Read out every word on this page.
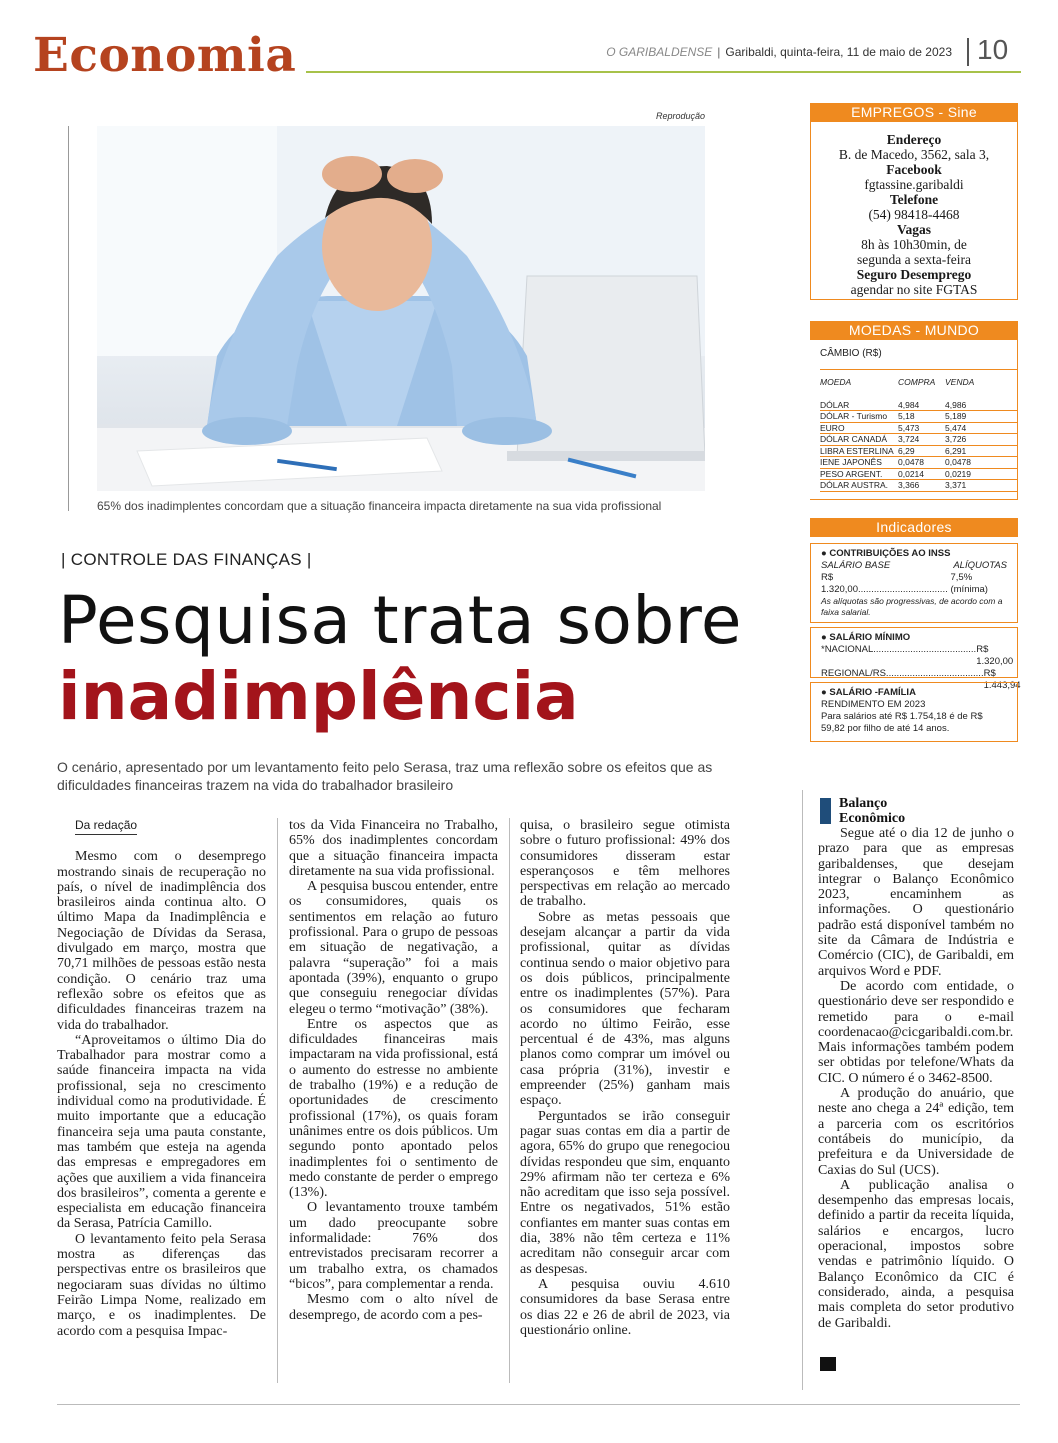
Economia	O GARIBALDENSE | Garibaldi, quinta-feira, 11 de maio de 2023 10
Reprodução
65% dos inadimplentes concordam que a situação financeira impacta diretamente na sua vida profissional
| CONTROLE DAS FINANÇAS |
Pesquisa trata sobre
inadimplência
O cenário, apresentado por um levantamento feito pelo Serasa, traz uma reflexão sobre os efeitos que as dificuldades financeiras trazem na vida do trabalhador brasileiro
Da redação

Mesmo com o desemprego mostrando sinais de recuperação no país, o nível de inadimplência dos brasileiros ainda continua alto. O último Mapa da Inadimplência e Negociação de Dívidas da Serasa, divulgado em março, mostra que 70,71 milhões de pessoas estão nesta condição. O cenário traz uma reflexão sobre os efeitos que as dificuldades financeiras trazem na vida do trabalhador.

“Aproveitamos o último Dia do Trabalhador para mostrar como a saúde financeira impacta na vida profissional, seja no crescimento individual como na produtividade. É muito importante que a educação financeira seja uma pauta constante, mas também que esteja na agenda das empresas e empregadores em ações que auxiliem a vida financeira dos brasileiros”, comenta a gerente e especialista em educação financeira da Serasa, Patrícia Camillo.

O levantamento feito pela Serasa mostra as diferenças das perspectivas entre os brasileiros que negociaram suas dívidas no último Feirão Limpa Nome, realizado em março, e os inadimplentes. De acordo com a pesquisa Impac-

tos da Vida Financeira no Trabalho, 65% dos inadimplentes concordam que a situação financeira impacta diretamente na sua vida profissional.

A pesquisa buscou entender, entre os consumidores, quais os sentimentos em relação ao futuro profissional. Para o grupo de pessoas em situação de negativação, a palavra “superação” foi a mais apontada (39%), enquanto o grupo que conseguiu renegociar dívidas elegeu o termo “motivação” (38%).

Entre os aspectos que as dificuldades financeiras mais impactaram na vida profissional, está o aumento do estresse no ambiente de trabalho (19%) e a redução de oportunidades de crescimento profissional (17%), os quais foram unânimes entre os dois públicos. Um segundo ponto apontado pelos inadimplentes foi o sentimento de medo constante de perder o emprego (13%).

O levantamento trouxe também um dado preocupante sobre informalidade: 76% dos entrevistados precisaram recorrer a um trabalho extra, os chamados “bicos”, para complementar a renda.

Mesmo com o alto nível de desemprego, de acordo com a pes-

quisa, o brasileiro segue otimista sobre o futuro profissional: 49% dos consumidores disseram estar esperançosos e têm melhores perspectivas em relação ao mercado de trabalho.

Sobre as metas pessoais que desejam alcançar a partir da vida profissional, quitar as dívidas continua sendo o maior objetivo para os dois públicos, principalmente entre os inadimplentes (57%). Para os consumidores que fecharam acordo no último Feirão, esse percentual é de 43%, mas alguns planos como comprar um imóvel ou casa própria (31%), investir e empreender (25%) ganham mais espaço.

Perguntados se irão conseguir pagar suas contas em dia a partir de agora, 65% do grupo que renegociou dívidas respondeu que sim, enquanto 29% afirmam não ter certeza e 6% não acreditam que isso seja possível. Entre os negativados, 51% estão confiantes em manter suas contas em dia, 38% não têm certeza e 11% acreditam não conseguir arcar com as despesas.

A pesquisa ouviu 4.610 consumidores da base Serasa entre os dias 22 e 26 de abril de 2023, via questionário online.

EMPREGOS - Sine
Endereço
B. de Macedo, 3562, sala 3,
Facebook
fgtassine.garibaldi
Telefone
(54) 98418-4468
Vagas
8h às 10h30min, de
segunda a sexta-feira
Seguro Desemprego
agendar no site FGTAS
MOEDAS - MUNDO
CÂMBIO (R$)
MOEDA	COMPRA	VENDA
DÓLAR	4,984	4,986
DÓLAR - Turismo	5,18	5,189
EURO	5,473	5,474
DÓLAR CANADÁ	3,724	3,726
LIBRA ESTERLINA	6,29	6,291
IENE JAPONÊS	0,0478	0,0478
PESO ARGENT.	0,0214	0,0219
DÓLAR AUSTRA.	3,366	3,371
Indicadores
● CONTRIBUIÇÕES AO INSS
SALÁRIO BASE	ALÍQUOTAS
R$ 1.320,00..................................
7,5% (mínima)
As alíquotas são progressivas, de acordo com a faixa salarial.
● SALÁRIO MÍNIMO
*NACIONAL....................................... R$ 1.320,00
REGIONAL/RS..................................... R$ 1.443,94
● SALÁRIO -FAMÍLIA
RENDIMENTO EM 2023
Para salários até R$ 1.754,18 é de R$ 59,82 por filho de até 14 anos.
Balanço
Econômico

Segue até o dia 12 de junho o prazo para que as empresas garibaldenses, que desejam integrar o Balanço Econômico 2023, encaminhem as informações. O questionário padrão está disponível também no site da Câmara de Indústria e Comércio (CIC), de Garibaldi, em arquivos Word e PDF.

De acordo com entidade, o questionário deve ser respondido e remetido para o e-mail coordenacao@cicgaribaldi.com.br. Mais informações também podem ser obtidas por telefone/Whats da CIC. O número é o 3462-8500.

A produção do anuário, que neste ano chega a 24ª edição, tem a parceria com os escritórios contábeis do município, da prefeitura e da Universidade de Caxias do Sul (UCS).

A publicação analisa o desempenho das empresas locais, definido a partir da receita líquida, salários e encargos, lucro operacional, impostos sobre vendas e patrimônio líquido. O Balanço Econômico da CIC é considerado, ainda, a pesquisa mais completa do setor produtivo de Garibaldi.
